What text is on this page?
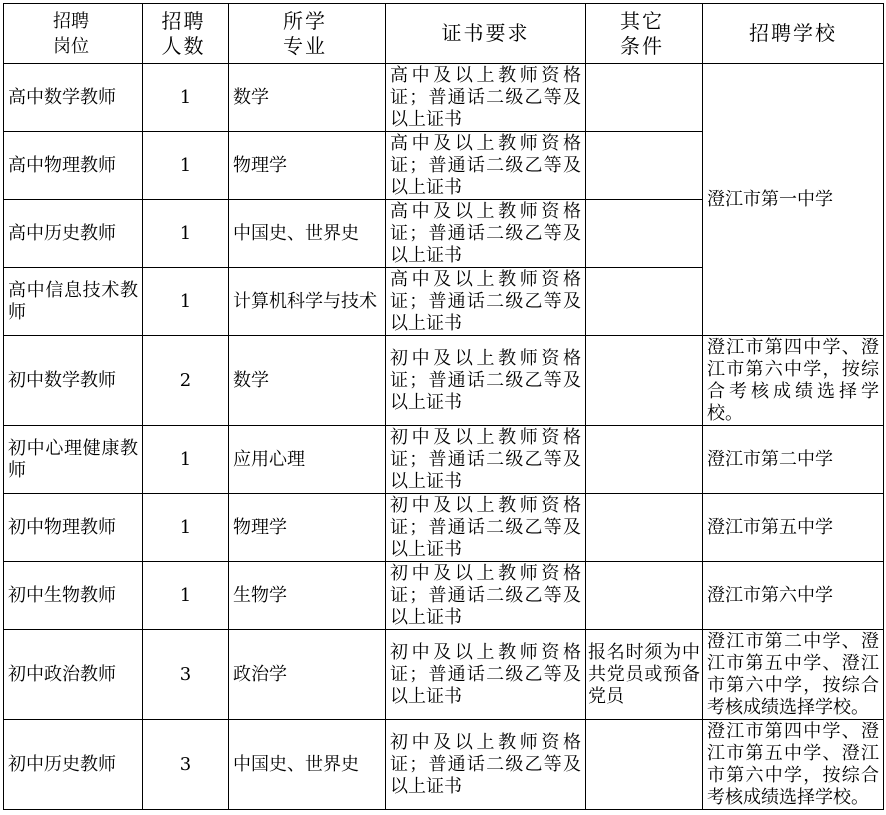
招聘岗位	招聘人数	所学专业	证书要求	其它条件	招聘学校
高中数学教师	1	数学	高中及以上教师资格证；普通话二级乙等及以上证书		澄江市第一中学
高中物理教师	1	物理学	高中及以上教师资格证；普通话二级乙等及以上证书		
高中历史教师	1	中国史、世界史	高中及以上教师资格证；普通话二级乙等及以上证书		
高中信息技术教师	1	计算机科学与技术	高中及以上教师资格证；普通话二级乙等及以上证书		
初中数学教师	2	数学	初中及以上教师资格证；普通话二级乙等及以上证书		澄江市第四中学、澄江市第六中学，按综合考核成绩选择学校。
初中心理健康教师	1	应用心理	初中及以上教师资格证；普通话二级乙等及以上证书		澄江市第二中学
初中物理教师	1	物理学	初中及以上教师资格证；普通话二级乙等及以上证书		澄江市第五中学
初中生物教师	1	生物学	初中及以上教师资格证；普通话二级乙等及以上证书		澄江市第六中学
初中政治教师	3	政治学	初中及以上教师资格证；普通话二级乙等及以上证书	报名时须为中共党员或预备党员	澄江市第二中学、澄江市第五中学、澄江市第六中学，按综合考核成绩选择学校。
初中历史教师	3	中国史、世界史	初中及以上教师资格证；普通话二级乙等及以上证书		澄江市第四中学、澄江市第五中学、澄江市第六中学，按综合考核成绩选择学校。
